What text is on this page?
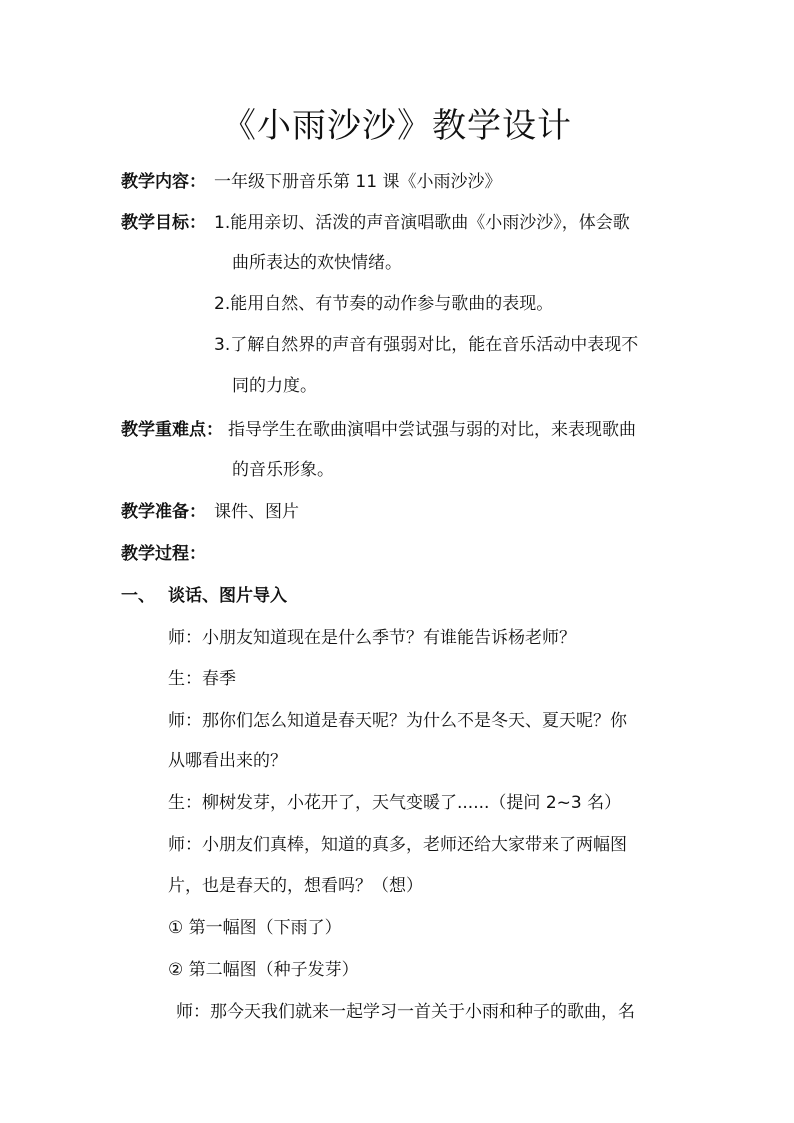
《小雨沙沙》教学设计
教学内容： 一年级下册音乐第 11 课《小雨沙沙》
教学目标： 1.能用亲切、活泼的声音演唱歌曲《小雨沙沙》，体会歌
曲所表达的欢快情绪。
2.能用自然、有节奏的动作参与歌曲的表现。
3.了解自然界的声音有强弱对比，能在音乐活动中表现不
同的力度。
教学重难点： 指导学生在歌曲演唱中尝试强与弱的对比，来表现歌曲
的音乐形象。
教学准备： 课件、图片
教学过程：
一、 谈话、图片导入
师：小朋友知道现在是什么季节？有谁能告诉杨老师？
生：春季
师：那你们怎么知道是春天呢？为什么不是冬天、夏天呢？你
从哪看出来的？
生：柳树发芽，小花开了，天气变暖了......（提问 2~3 名）
师：小朋友们真棒，知道的真多，老师还给大家带来了两幅图
片，也是春天的，想看吗？（想）
① 第一幅图（下雨了）
② 第二幅图（种子发芽）
师：那今天我们就来一起学习一首关于小雨和种子的歌曲，名
